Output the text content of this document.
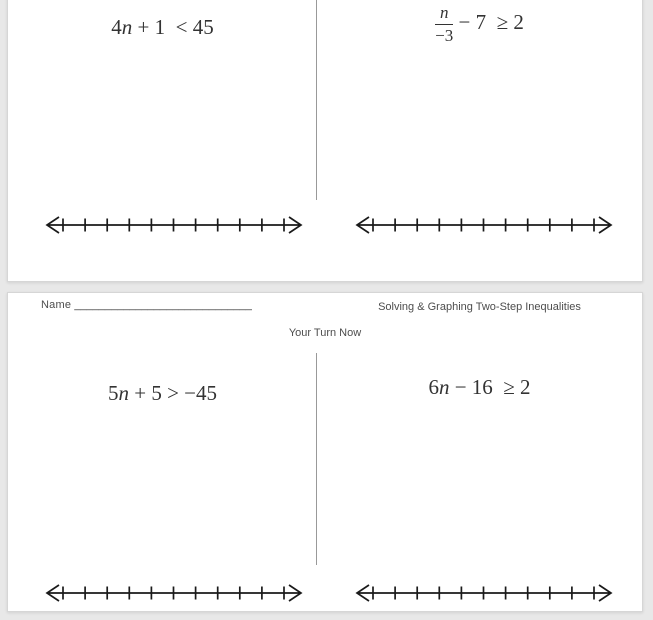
4n + 1  < 45	$\frac{n}{-3} - 7 \ge 2$
Name _____________________________	Solving & Graphing Two-Step Inequalities
Your Turn Now
5n + 5 > −45	6n − 16  ≥ 2
